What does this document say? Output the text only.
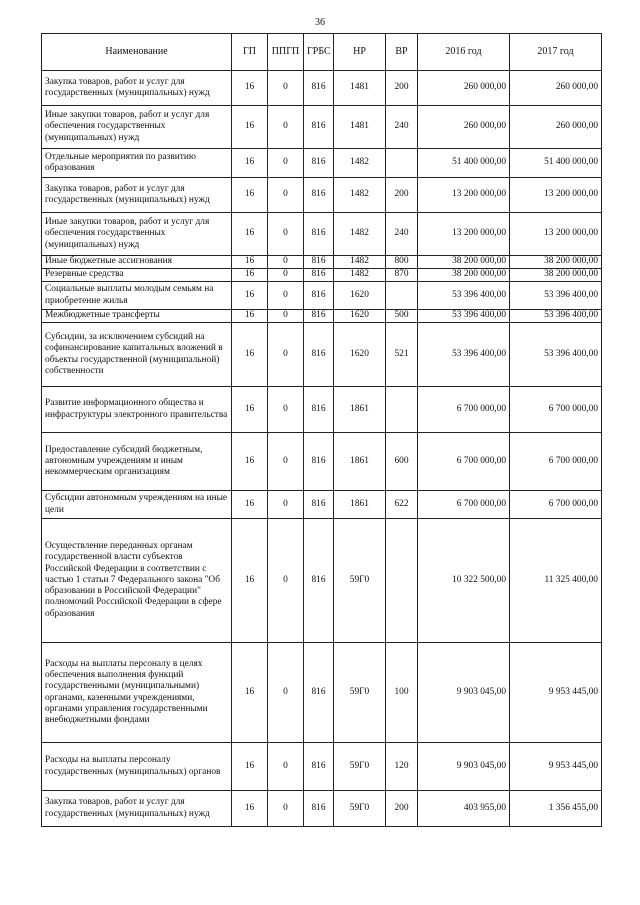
36
Наименование	ГП	ППГП	ГРБС	НР	ВР	2016 год	2017 год
Закупка товаров, работ и услуг для государственных (муниципальных) нужд	16	0	816	1481	200	260 000,00	260 000,00
Иные закупки товаров, работ и услуг для обеспечения государственных (муниципальных) нужд	16	0	816	1481	240	260 000,00	260 000,00
Отдельные мероприятия по развитию образования	16	0	816	1482		51 400 000,00	51 400 000,00
Закупка товаров, работ и услуг для государственных (муниципальных) нужд	16	0	816	1482	200	13 200 000,00	13 200 000,00
Иные закупки товаров, работ и услуг для обеспечения государственных (муниципальных) нужд	16	0	816	1482	240	13 200 000,00	13 200 000,00
Иные бюджетные ассигнования	16	0	816	1482	800	38 200 000,00	38 200 000,00
Резервные средства	16	0	816	1482	870	38 200 000,00	38 200 000,00
Социальные выплаты молодым семьям на приобретение жилья	16	0	816	1620		53 396 400,00	53 396 400,00
Межбюджетные трансферты	16	0	816	1620	500	53 396 400,00	53 396 400,00
Субсидии, за исключением субсидий на софинансирование капитальных вложений в объекты государственной (муниципальной) собственности	16	0	816	1620	521	53 396 400,00	53 396 400,00
Развитие информационного общества и инфраструктуры электронного правительства	16	0	816	1861		6 700 000,00	6 700 000,00
Предоставление субсидий бюджетным, автономным учреждениям и иным некоммерческим организациям	16	0	816	1861	600	6 700 000,00	6 700 000,00
Субсидии автономным учреждениям на иные цели	16	0	816	1861	622	6 700 000,00	6 700 000,00
Осуществление переданных органам государственной власти субъектов Российской Федерации в соответствии с частью 1 статьи 7 Федерального закона "Об образовании в Российской Федерации" полномочий Российской Федерации в сфере образования	16	0	816	59Г0		10 322 500,00	11 325 400,00
Расходы на выплаты персоналу в целях обеспечения выполнения функций государственными (муниципальными) органами, казенными учреждениями, органами управления государственными внебюджетными фондами	16	0	816	59Г0	100	9 903 045,00	9 953 445,00
Расходы на выплаты персоналу государственных (муниципальных) органов	16	0	816	59Г0	120	9 903 045,00	9 953 445,00
Закупка товаров, работ и услуг для государственных (муниципальных) нужд	16	0	816	59Г0	200	403 955,00	1 356 455,00
